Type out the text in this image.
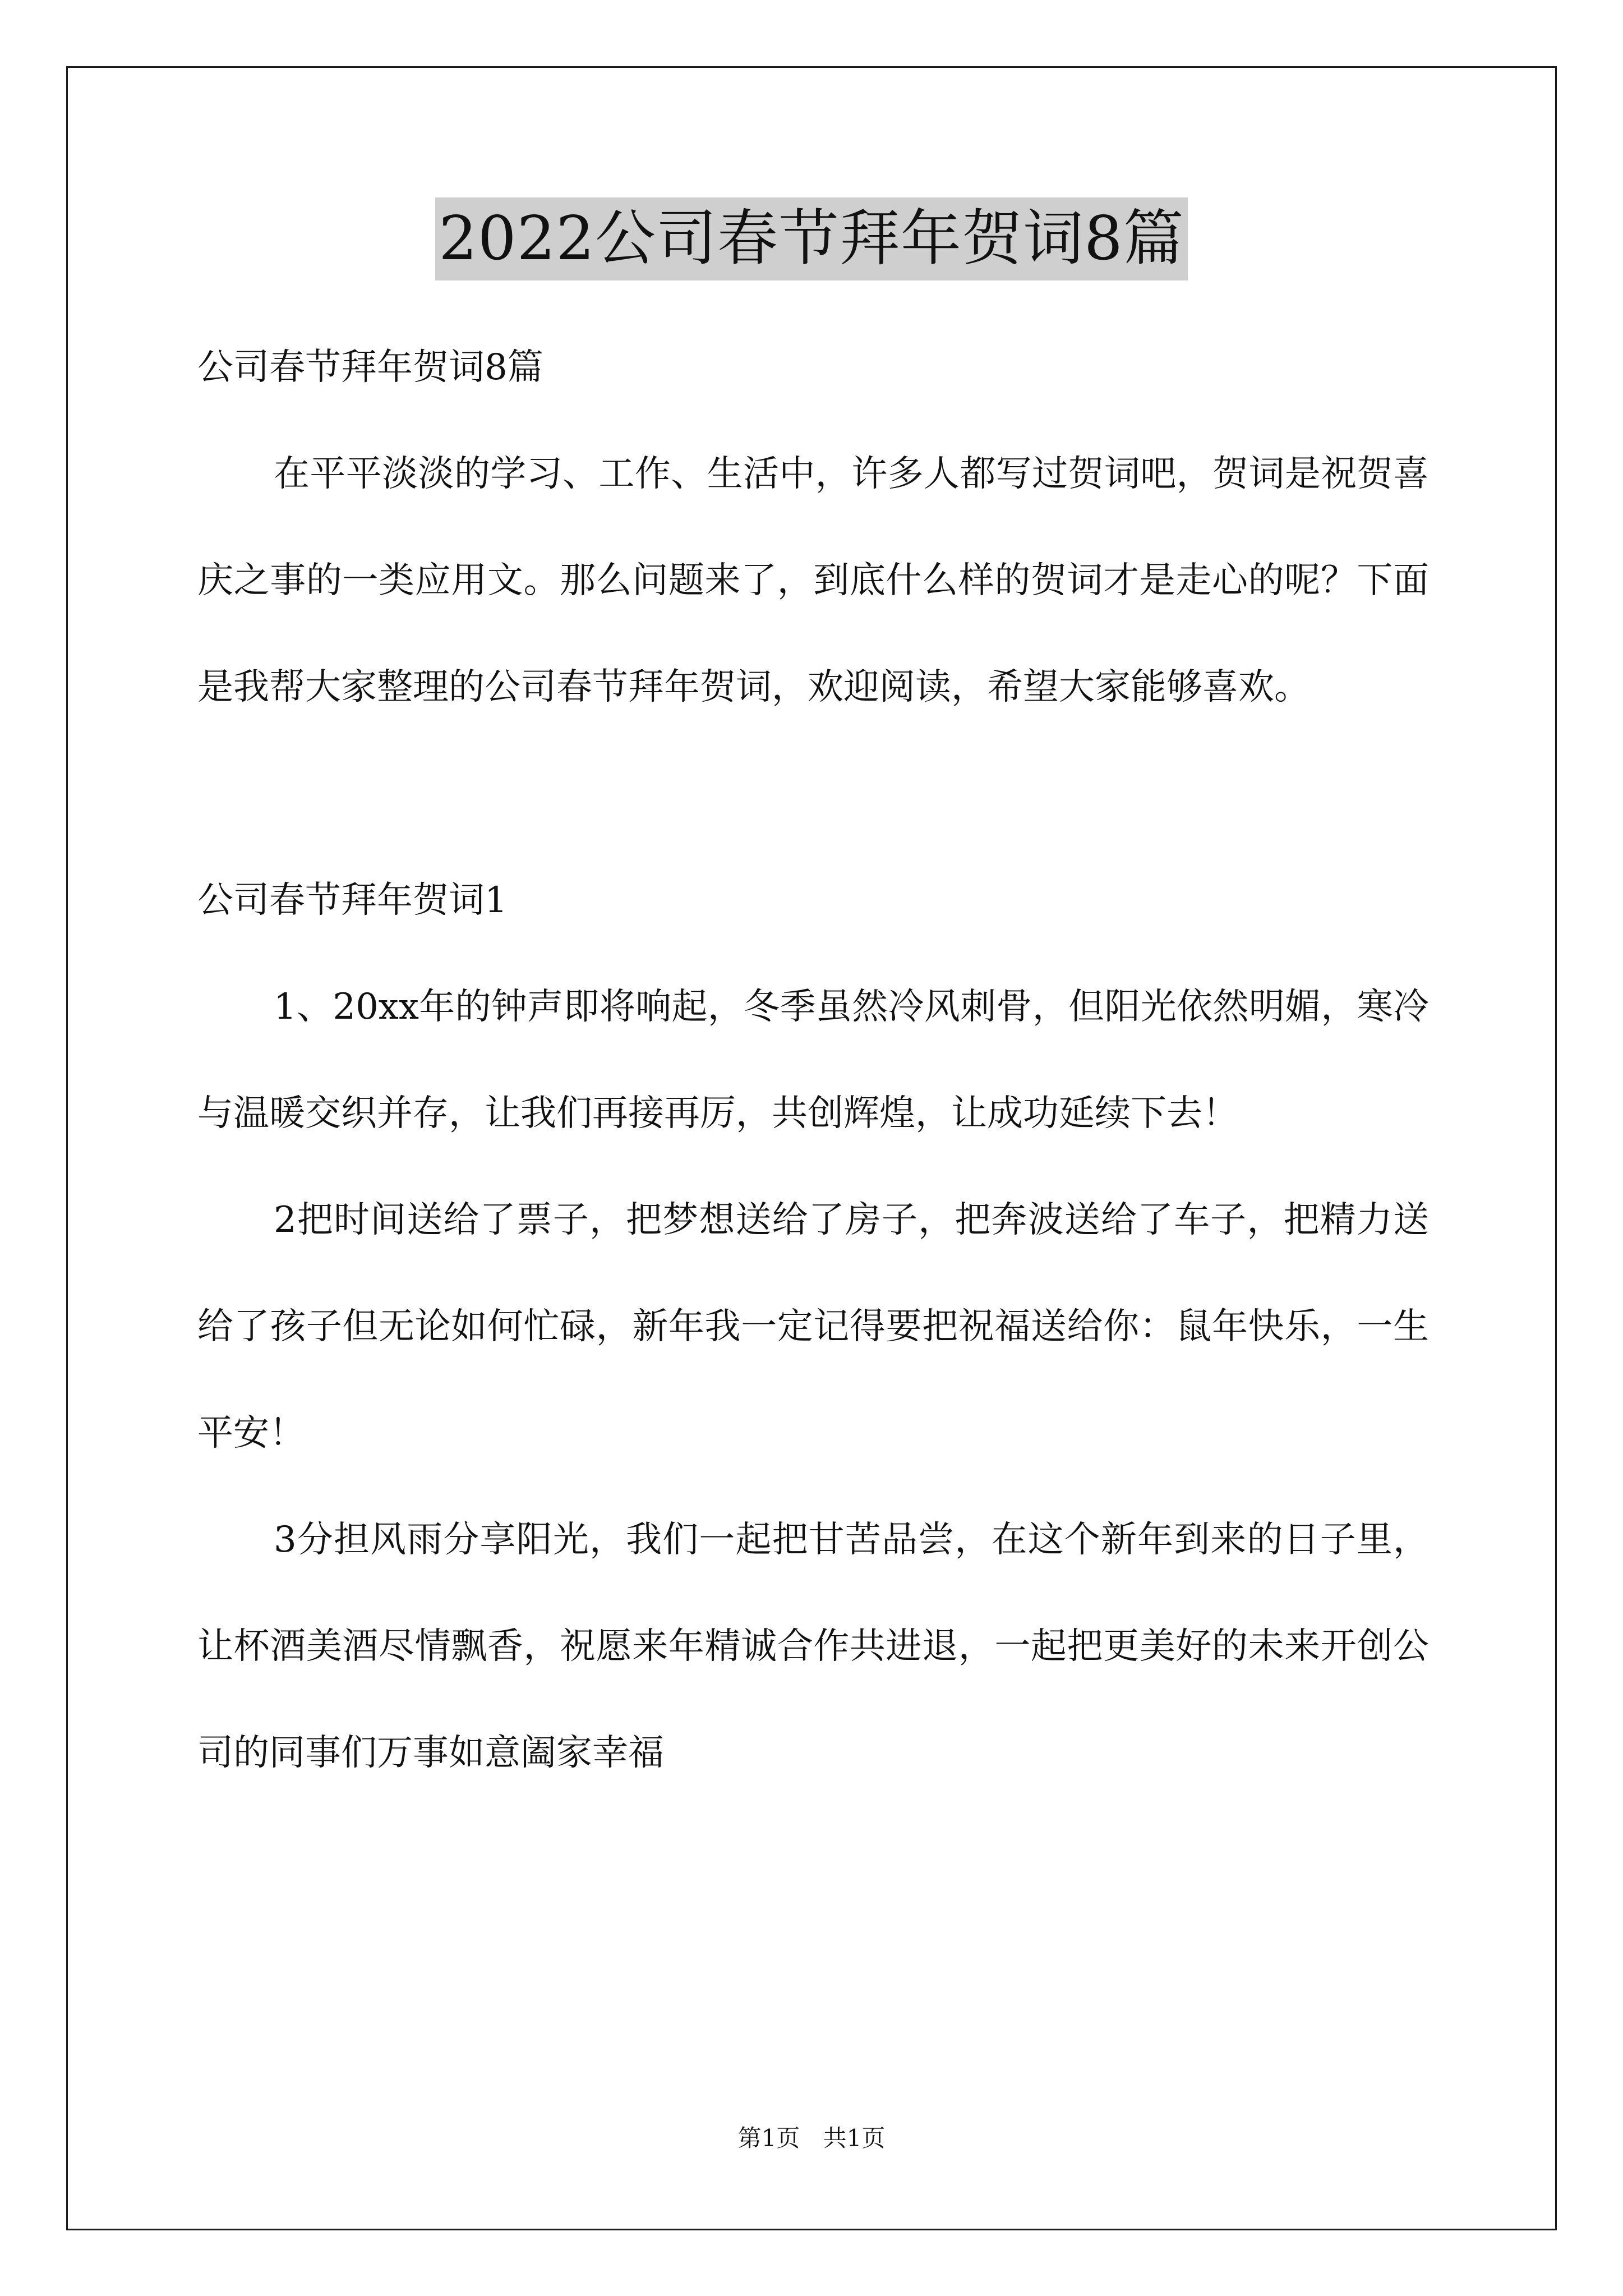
2022公司春节拜年贺词8篇

公司春节拜年贺词8篇

在平平淡淡的学习、工作、生活中，许多人都写过贺词吧，贺词是祝贺喜庆之事的一类应用文。那么问题来了，到底什么样的贺词才是走心的呢？下面是我帮大家整理的公司春节拜年贺词，欢迎阅读，希望大家能够喜欢。

公司春节拜年贺词1

1、20xx年的钟声即将响起，冬季虽然冷风刺骨，但阳光依然明媚，寒冷与温暖交织并存，让我们再接再厉，共创辉煌，让成功延续下去！

2把时间送给了票子，把梦想送给了房子，把奔波送给了车子，把精力送给了孩子但无论如何忙碌，新年我一定记得要把祝福送给你：鼠年快乐，一生平安！

3分担风雨分享阳光，我们一起把甘苦品尝，在这个新年到来的日子里，让杯酒美酒尽情飘香，祝愿来年精诚合作共进退，一起把更美好的未来开创公司的同事们万事如意阖家幸福

第1页 共1页
